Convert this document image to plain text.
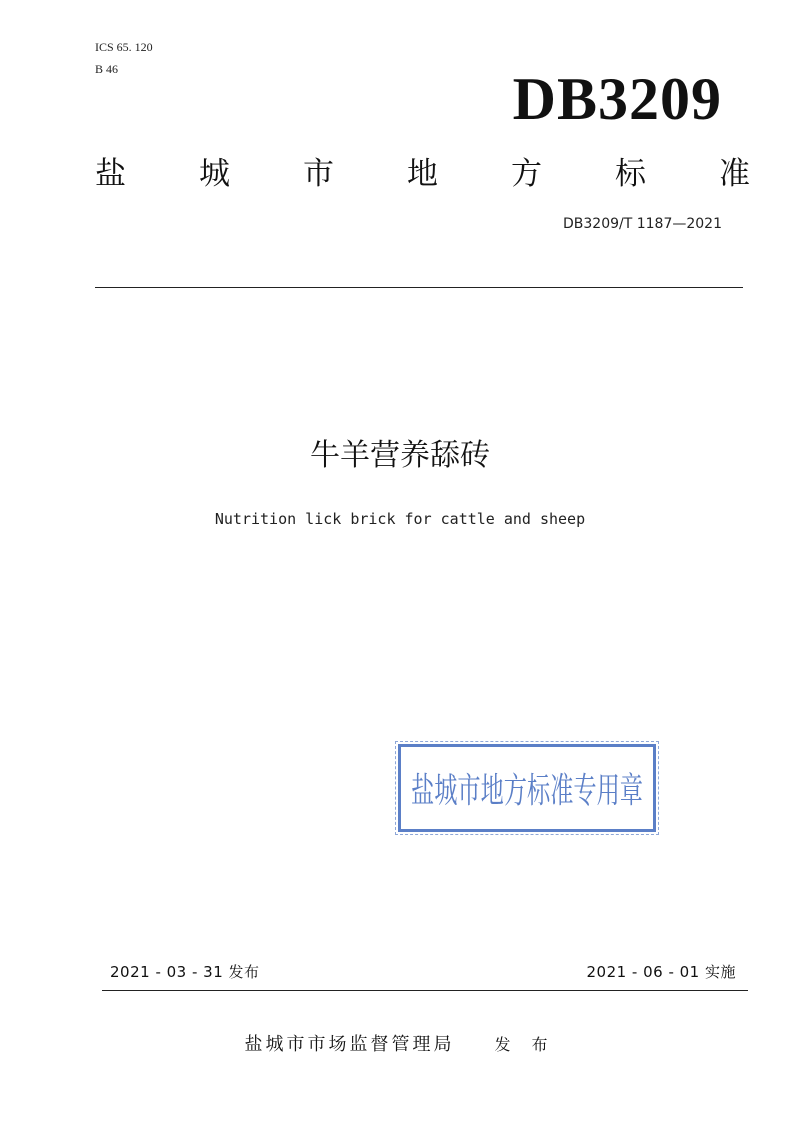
ICS 65. 120
B 46	DB3209
盐 城 市 地 方 标 准
DB3209/T 1187—2021
牛羊营养舔砖
Nutrition lick brick for cattle and sheep
盐城市地方标准专用章
2021 - 03 - 31 发布	2021 - 06 - 01 实施
盐城市市场监督管理局	发 布
